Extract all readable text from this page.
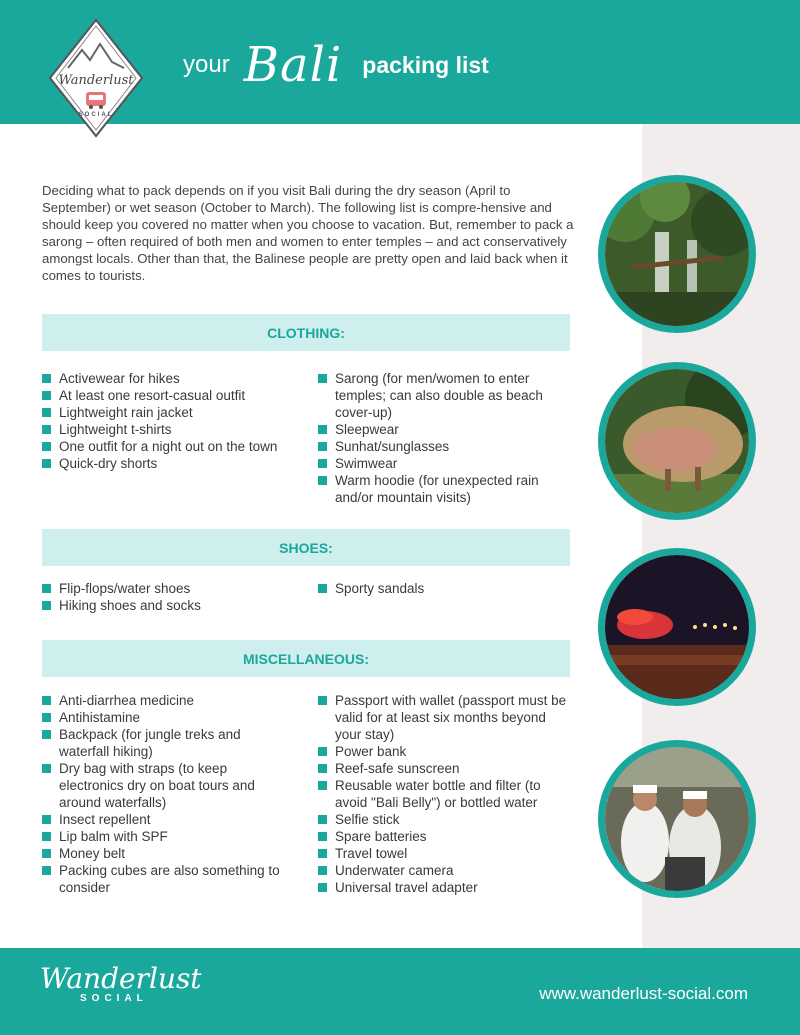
Wanderlust
SOCIAL
your Bali packing list

Deciding what to pack depends on if you visit Bali during the dry season (April to September) or wet season (October to March). The following list is compre-hensive and should keep you covered no matter when you choose to vacation. But, remember to pack a sarong – often required of both men and women to enter temples – and act conservatively amongst locals. Other than that, the Balinese people are pretty open and laid back when it comes to tourists.

CLOTHING:
Activewear for hikes
At least one resort-casual outfit
Lightweight rain jacket
Lightweight t-shirts
One outfit for a night out on the town
Quick-dry shorts
Sarong (for men/women to enter temples; can also double as beach cover-up)
Sleepwear
Sunhat/sunglasses
Swimwear
Warm hoodie (for unexpected rain and/or mountain visits)
SHOES:
Flip-flops/water shoes
Hiking shoes and socks
Sporty sandals
MISCELLANEOUS:
Anti-diarrhea medicine
Antihistamine
Backpack (for jungle treks and waterfall hiking)
Dry bag with straps (to keep electronics dry on boat tours and around waterfalls)
Insect repellent
Lip balm with SPF
Money belt
Packing cubes are also something to consider
Passport with wallet (passport must be valid for at least six months beyond your stay)
Power bank
Reef-safe sunscreen
Reusable water bottle and filter (to avoid "Bali Belly") or bottled water
Selfie stick
Spare batteries
Travel towel
Underwater camera
Universal travel adapter
Wanderlust
SOCIAL	www.wanderlust-social.com
